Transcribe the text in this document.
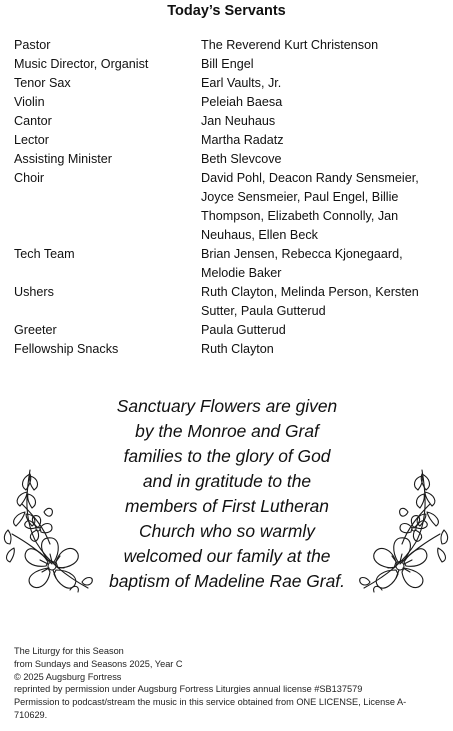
Today’s Servants
Pastor	The Reverend Kurt Christenson
Music Director, Organist	Bill Engel
Tenor Sax	Earl Vaults, Jr.
Violin	Peleiah Baesa
Cantor	Jan Neuhaus
Lector	Martha Radatz
Assisting Minister	Beth Slevcove
Choir	David Pohl, Deacon Randy Sensmeier, Joyce Sensmeier, Paul Engel, Billie Thompson, Elizabeth Connolly, Jan Neuhaus, Ellen Beck
Tech Team	Brian Jensen, Rebecca Kjonegaard, Melodie Baker
Ushers	Ruth Clayton, Melinda Person, Kersten Sutter, Paula Gutterud
Greeter	Paula Gutterud
Fellowship Snacks	Ruth Clayton
Sanctuary Flowers are given
by the Monroe and Graf
families to the glory of God
and in gratitude to the
members of First Lutheran
Church who so warmly
welcomed our family at the
baptism of Madeline Rae Graf.
The Liturgy for this Season
from Sundays and Seasons 2025, Year C
© 2025 Augsburg Fortress
reprinted by permission under Augsburg Fortress Liturgies annual license #SB137579
Permission to podcast/stream the music in this service obtained from ONE LICENSE, License A-710629.
